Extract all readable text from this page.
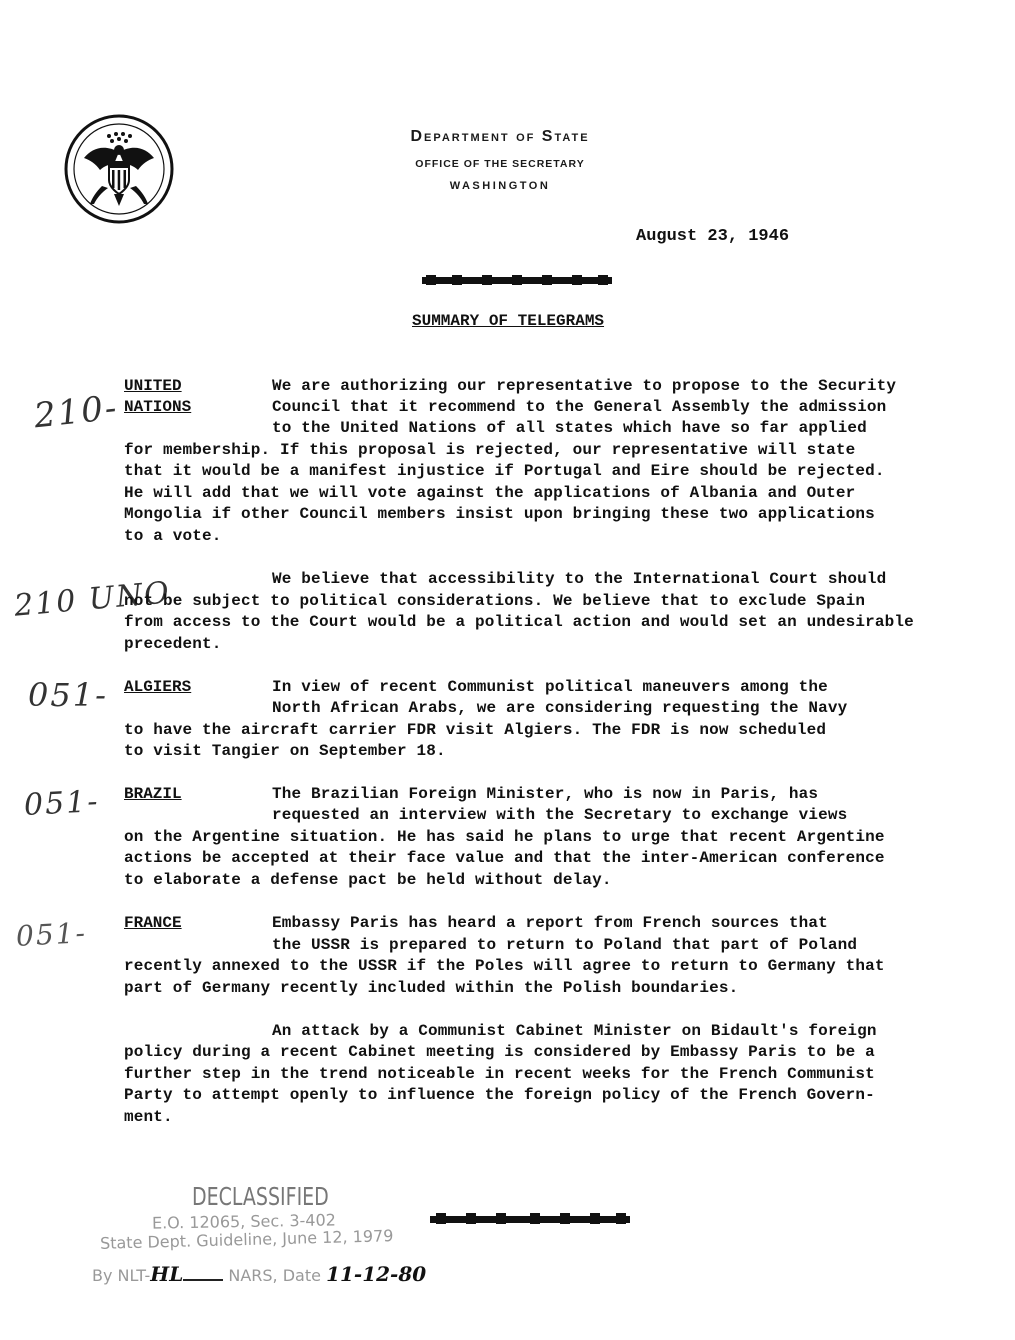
Department of State
OFFICE OF THE SECRETARY
WASHINGTON
August 23, 1946
SUMMARY OF TELEGRAMS
210-
UNITED
NATIONS
We are authorizing our representative to propose to the Security
Council that it recommend to the General Assembly the admission
to the United Nations of all states which have so far applied
for membership. If this proposal is rejected, our representative will state
that it would be a manifest injustice if Portugal and Eire should be rejected.
He will add that we will vote against the applications of Albania and Outer
Mongolia if other Council members insist upon bringing these two applications
to a vote.
210 UNO	We believe that accessibility to the International Court should
not be subject to political considerations. We believe that to exclude Spain
from access to the Court would be a political action and would set an undesirable
precedent.
051- ALGIERS	In view of recent Communist political maneuvers among the
North African Arabs, we are considering requesting the Navy
to have the aircraft carrier FDR visit Algiers. The FDR is now scheduled
to visit Tangier on September 18.
051- BRAZIL	The Brazilian Foreign Minister, who is now in Paris, has
requested an interview with the Secretary to exchange views
on the Argentine situation. He has said he plans to urge that recent Argentine
actions be accepted at their face value and that the inter-American conference
to elaborate a defense pact be held without delay.
051- FRANCE	Embassy Paris has heard a report from French sources that
the USSR is prepared to return to Poland that part of Poland
recently annexed to the USSR if the Poles will agree to return to Germany that
part of Germany recently included within the Polish boundaries.
An attack by a Communist Cabinet Minister on Bidault's foreign
policy during a recent Cabinet meeting is considered by Embassy Paris to be a
further step in the trend noticeable in recent weeks for the French Communist
Party to attempt openly to influence the foreign policy of the French Govern-
ment.
DECLASSIFIED
E.O. 12065, Sec. 3-402
State Dept. Guideline, June 12, 1979
By NLT-HL	NARS, Date 11-12-80
